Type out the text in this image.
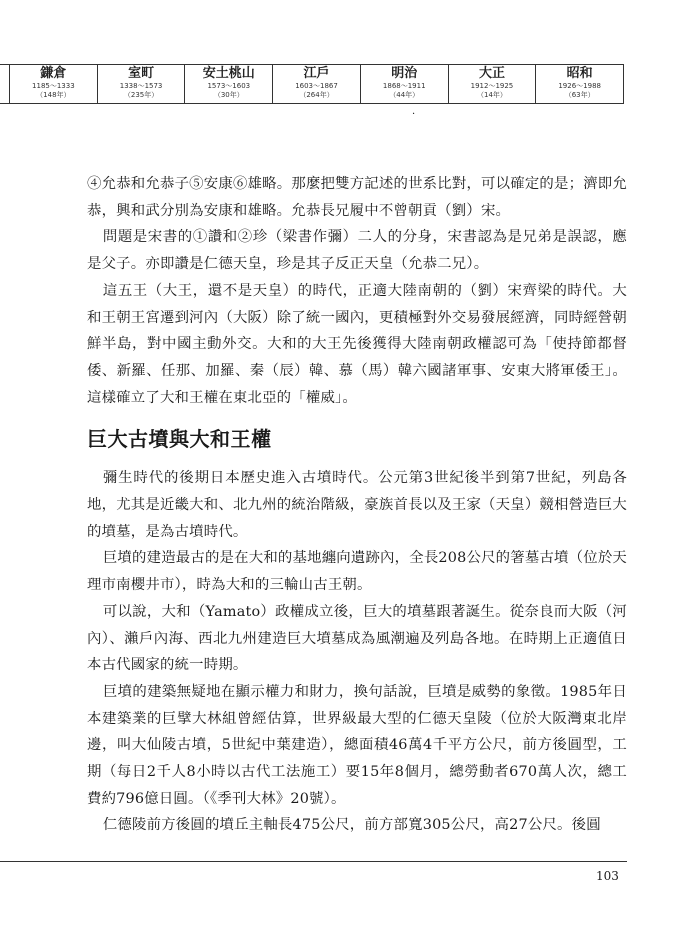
鎌倉
1185～1333
（148年）
室町
1338～1573
（235年）
安土桃山
1573～1603
（30年）
江戶
1603～1867
（264年）
明治
1868～1911
（44年）
大正
1912～1925
（14年）
昭和
1926～1988
（63年）
·

④允恭和允恭子⑤安康⑥雄略。那麼把雙方記述的世系比對，可以確定的是；濟即允恭，興和武分別為安康和雄略。允恭長兄履中不曾朝貢（劉）宋。

問題是宋書的①讚和②珍（梁書作彌）二人的分身，宋書認為是兄弟是誤認，應是父子。亦即讚是仁德天皇，珍是其子反正天皇（允恭二兄）。

這五王（大王，還不是天皇）的時代，正適大陸南朝的（劉）宋齊梁的時代。大和王朝王宮遷到河內（大阪）除了統一國內，更積極對外交易發展經濟，同時經營朝鮮半島，對中國主動外交。大和的大王先後獲得大陸南朝政權認可為「使持節都督倭、新羅、任那、加羅、秦（辰）韓、慕（馬）韓六國諸軍事、安東大將軍倭王」。這樣確立了大和王權在東北亞的「權威」。

巨大古墳與大和王權

彌生時代的後期日本歷史進入古墳時代。公元第3世紀後半到第7世紀，列島各地，尤其是近畿大和、北九州的統治階級，豪族首長以及王家（天皇）競相營造巨大的墳墓，是為古墳時代。

巨墳的建造最古的是在大和的基地纏向遺跡內，全長208公尺的箸墓古墳（位於天理市南櫻井市），時為大和的三輪山古王朝。

可以說，大和（Yamato）政權成立後，巨大的墳墓跟著誕生。從奈良而大阪（河內）、瀨戶內海、西北九州建造巨大墳墓成為風潮遍及列島各地。在時期上正適值日本古代國家的統一時期。

巨墳的建築無疑地在顯示權力和財力，換句話說，巨墳是威勢的象徵。1985年日本建築業的巨擘大林組曾經估算，世界級最大型的仁德天皇陵（位於大阪灣東北岸邊，叫大仙陵古墳，5世紀中葉建造），總面積46萬4千平方公尺，前方後圓型，工期（每日2千人8小時以古代工法施工）要15年8個月，總勞動者670萬人次，總工費約796億日圓。（《季刊大林》20號）。

仁德陵前方後圓的墳丘主軸長475公尺，前方部寬305公尺，高27公尺。後圓

103
